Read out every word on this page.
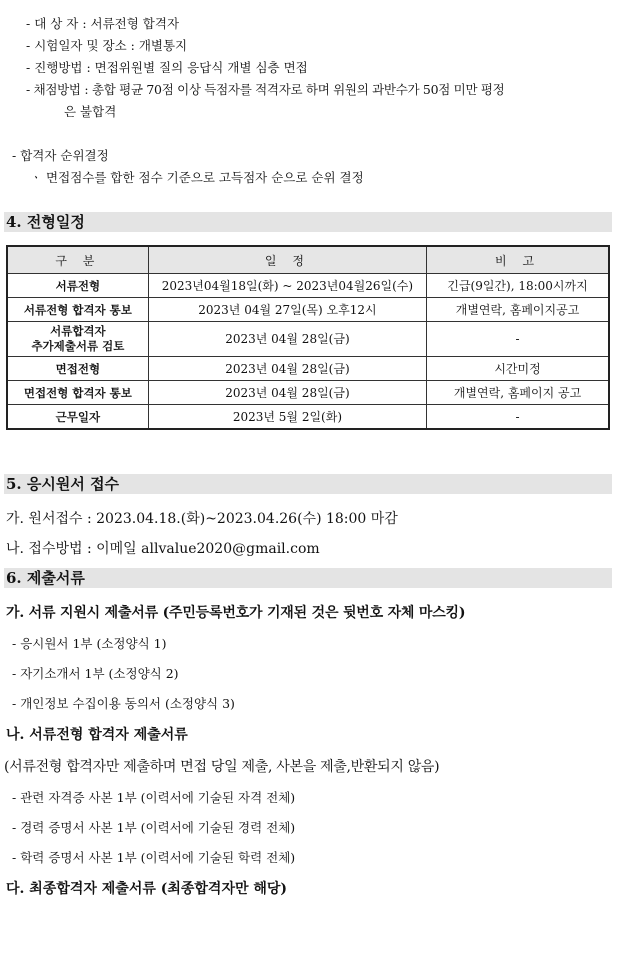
- 대 상 자 : 서류전형 합격자
- 시험일자 및 장소 : 개별통지
- 진행방법 : 면접위원별 질의 응답식 개별 심층 면접
- 채점방법 : 총합 평균 70점 이상 득점자를 적격자로 하며 위원의 과반수가 50점 미만 평정
은 불합격
- 합격자 순위결정
ㆍ 면접점수를 합한 점수 기준으로 고득점자 순으로 순위 결정
4. 전형일정
구 분	일 정	비 고
서류전형	2023년04월18일(화) ~ 2023년04월26일(수)	긴급(9일간), 18:00시까지
서류전형 합격자 통보	2023년 04월 27일(목) 오후12시	개별연락, 홈페이지공고

서류합격자
추가제출서류 검토	2023년 04월 28일(금)	-
면접전형	2023년 04월 28일(금)	시간미정
면접전형 합격자 통보	2023년 04월 28일(금)	개별연락, 홈페이지 공고
근무일자	2023년 5월 2일(화)	-
5. 응시원서 접수
가. 원서접수 : 2023.04.18.(화)~2023.04.26(수) 18:00 마감
나. 접수방법 : 이메일 allvalue2020@gmail.com
6. 제출서류
가. 서류 지원시 제출서류 (주민등록번호가 기재된 것은 뒷번호 자체 마스킹)
- 응시원서 1부 (소정양식 1)
- 자기소개서 1부 (소정양식 2)
- 개인정보 수집이용 동의서 (소정양식 3)
나. 서류전형 합격자 제출서류
(서류전형 합격자만 제출하며 면접 당일 제출, 사본을 제출,반환되지 않음)
- 관련 자격증 사본 1부 (이력서에 기술된 자격 전체)
- 경력 증명서 사본 1부 (이력서에 기술된 경력 전체)
- 학력 증명서 사본 1부 (이력서에 기술된 학력 전체)
다. 최종합격자 제출서류 (최종합격자만 해당)
